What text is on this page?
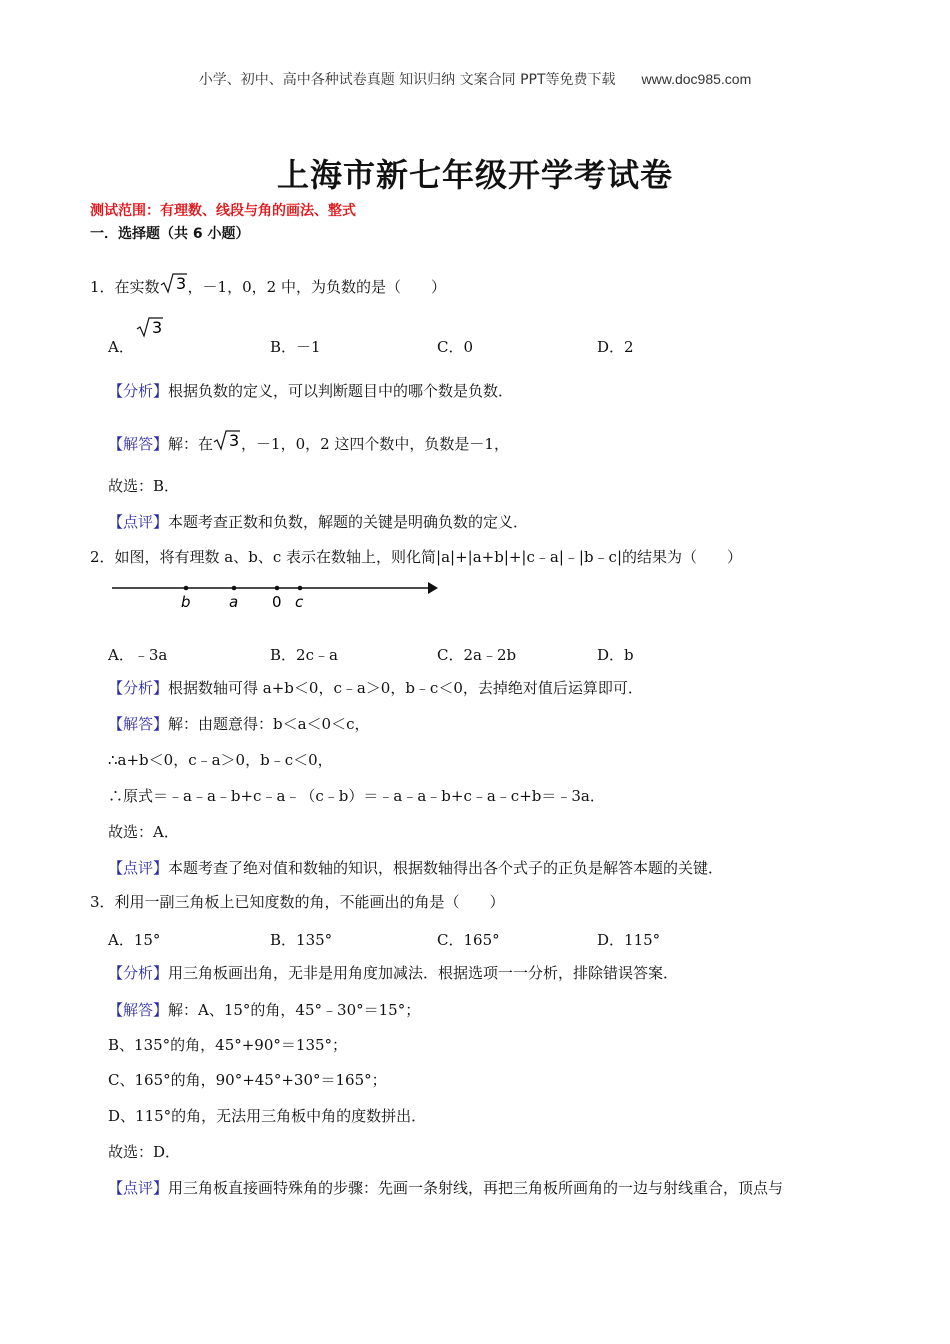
小学、初中、高中各种试卷真题 知识归纳 文案合同 PPT等免费下载 www.doc985.com
上海市新七年级开学考试卷
测试范围：有理数、线段与角的画法、整式
一．选择题（共 6 小题）
1．在实数 3 ，－1，0，2 中，为负数的是（　　）
A．
3
B．－1	C．0	D．2
【分析】根据负数的定义，可以判断题目中的哪个数是负数．
【解答】解：在 3 ，－1，0，2 这四个数中，负数是－1，
故选：B．
【点评】本题考查正数和负数，解题的关键是明确负数的定义．
2．如图，将有理数 a、b、c 表示在数轴上，则化简|a|+|a+b|+|c﹣a|﹣|b﹣c|的结果为（　　）
b	a 0 c
A．﹣3a	B．2c﹣a	C．2a﹣2b	D．b
【分析】根据数轴可得 a+b＜0，c﹣a＞0，b﹣c＜0，去掉绝对值后运算即可．
【解答】解：由题意得：b＜a＜0＜c，
∴a+b＜0，c﹣a＞0，b﹣c＜0，
∴原式＝﹣a﹣a﹣b+c﹣a﹣（c﹣b）＝﹣a﹣a﹣b+c﹣a﹣c+b＝﹣3a．
故选：A．
【点评】本题考查了绝对值和数轴的知识，根据数轴得出各个式子的正负是解答本题的关键．
3．利用一副三角板上已知度数的角，不能画出的角是（　　）
A．15°	B．135°	C．165°	D．115°
【分析】用三角板画出角，无非是用角度加减法．根据选项一一分析，排除错误答案．
【解答】解：A、15°的角，45°﹣30°＝15°；
B、135°的角，45°+90°＝135°；
C、165°的角，90°+45°+30°＝165°；
D、115°的角，无法用三角板中角的度数拼出．
故选：D．
【点评】用三角板直接画特殊角的步骤：先画一条射线，再把三角板所画角的一边与射线重合，顶点与
